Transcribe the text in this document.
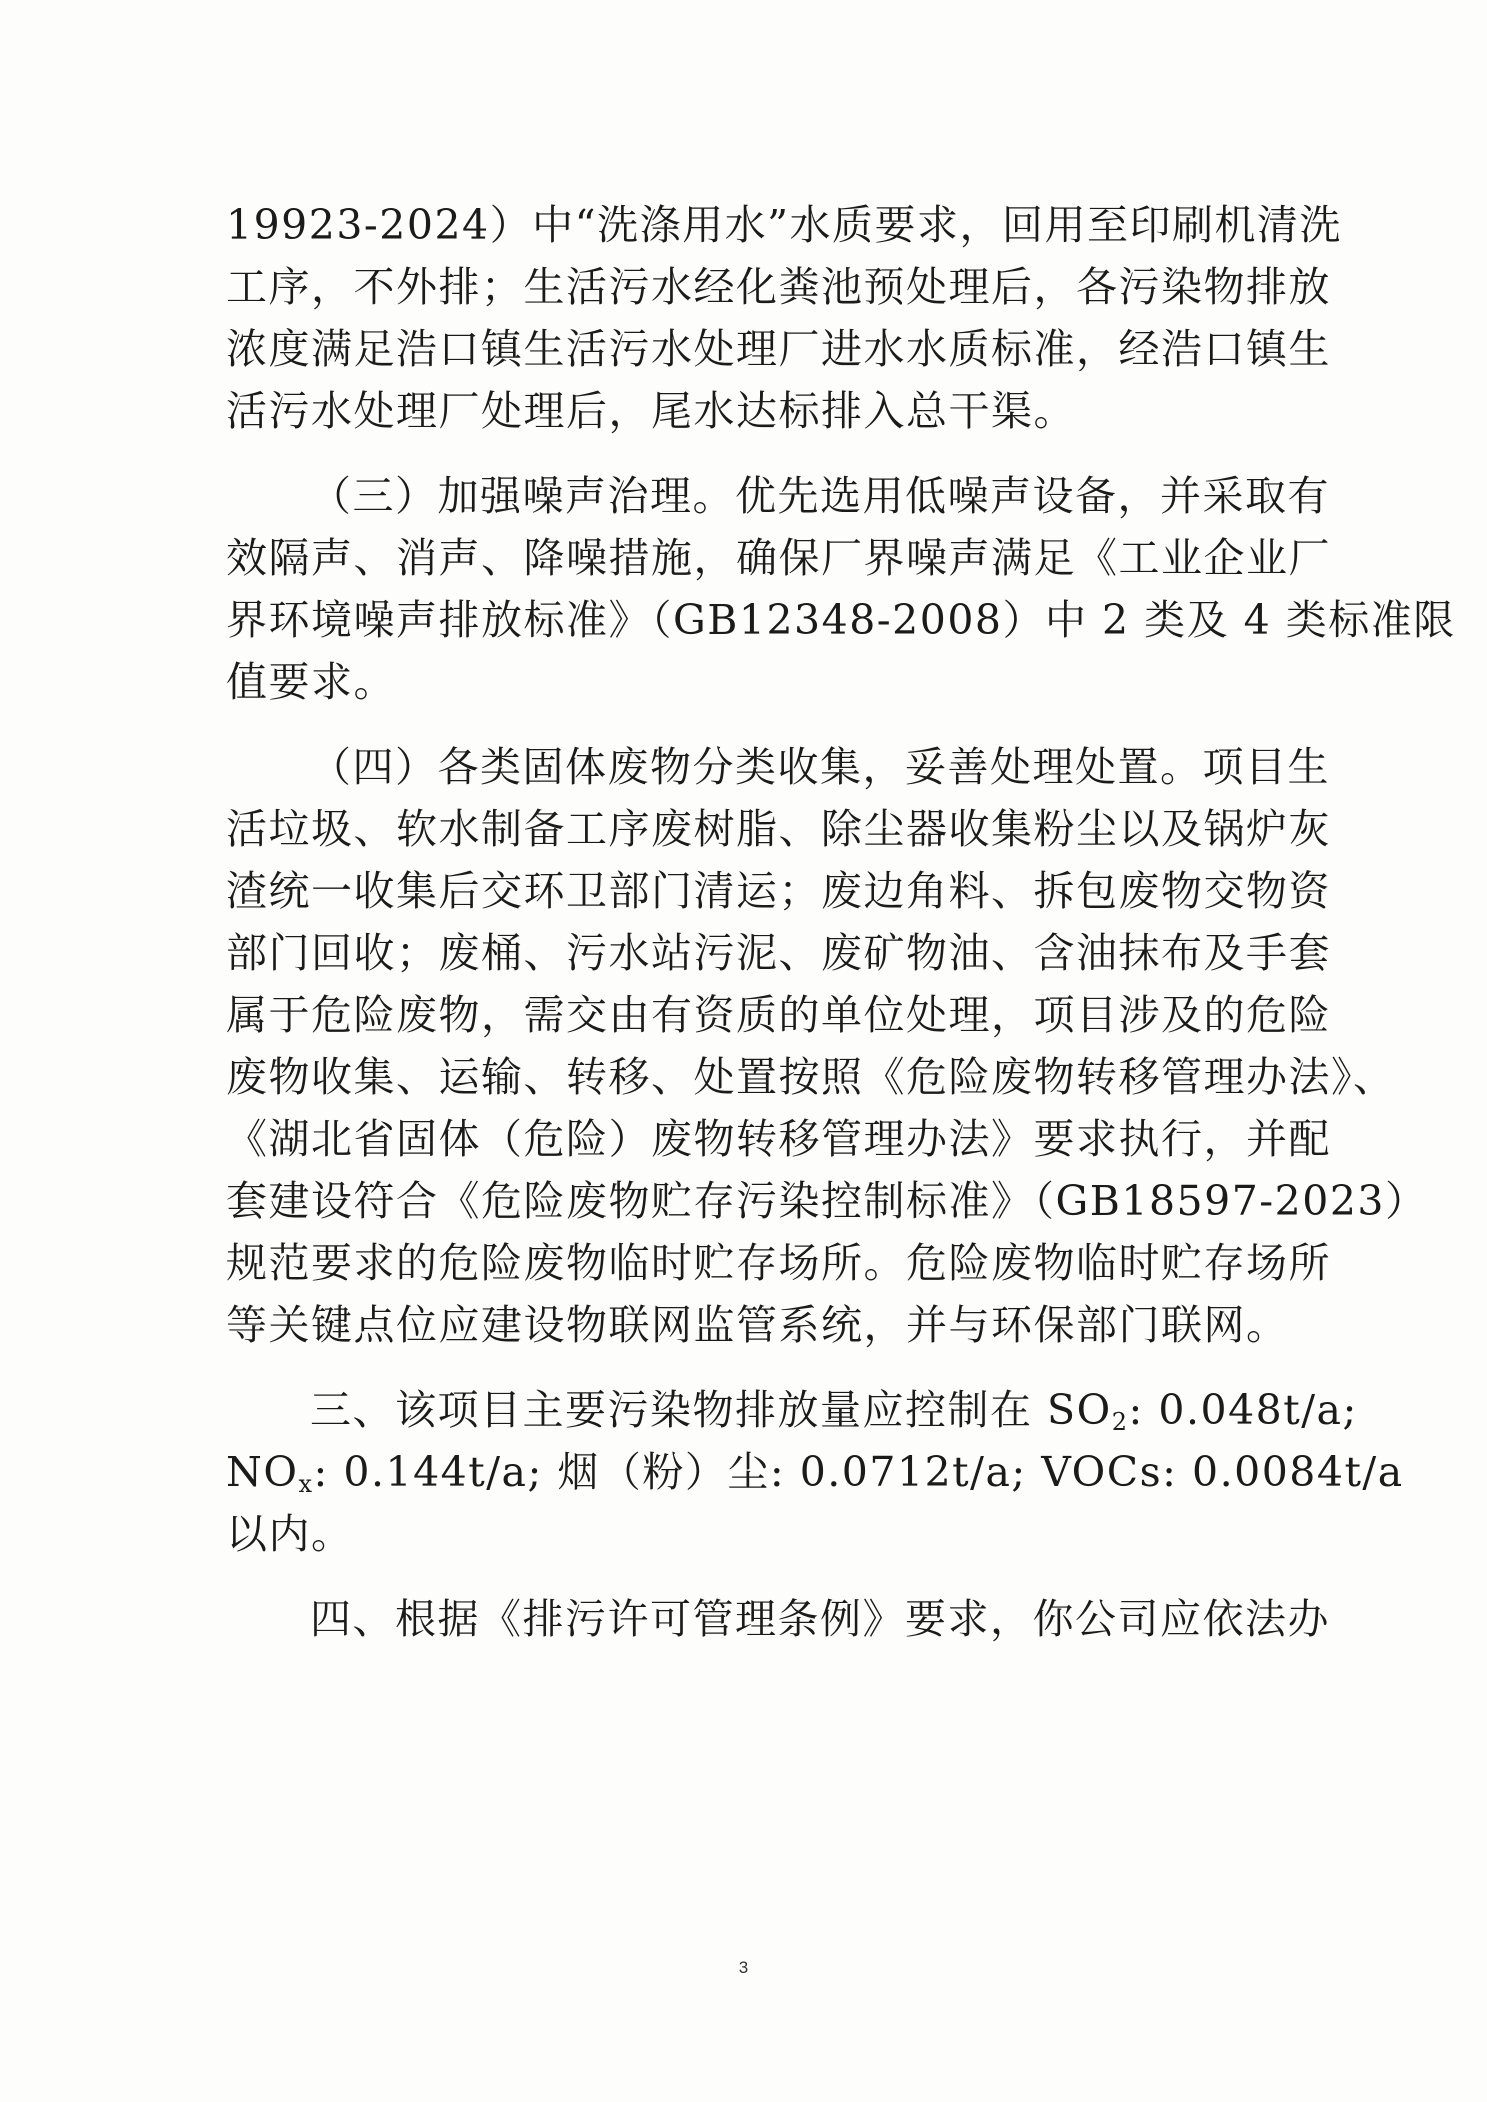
19923-2024）中“洗涤用水”水质要求，回用至印刷机清洗
工序，不外排；生活污水经化粪池预处理后，各污染物排放
浓度满足浩口镇生活污水处理厂进水水质标准，经浩口镇生
活污水处理厂处理后，尾水达标排入总干渠。
（三）加强噪声治理。优先选用低噪声设备，并采取有
效隔声、消声、降噪措施，确保厂界噪声满足《工业企业厂
界环境噪声排放标准》（GB12348-2008）中 2 类及 4 类标准限
值要求。
（四）各类固体废物分类收集，妥善处理处置。项目生
活垃圾、软水制备工序废树脂、除尘器收集粉尘以及锅炉灰
渣统一收集后交环卫部门清运；废边角料、拆包废物交物资
部门回收；废桶、污水站污泥、废矿物油、含油抹布及手套
属于危险废物，需交由有资质的单位处理，项目涉及的危险
废物收集、运输、转移、处置按照《危险废物转移管理办法》、
《湖北省固体（危险）废物转移管理办法》要求执行，并配
套建设符合《危险废物贮存污染控制标准》（GB18597-2023）
规范要求的危险废物临时贮存场所。危险废物临时贮存场所
等关键点位应建设物联网监管系统，并与环保部门联网。
三、该项目主要污染物排放量应控制在 $SO_2$: 0.048t/a;
$NO_x$: 0.144t/a; 烟（粉）尘: 0.0712t/a; VOCs: 0.0084t/a
以内。
四、根据《排污许可管理条例》要求，你公司应依法办
3
